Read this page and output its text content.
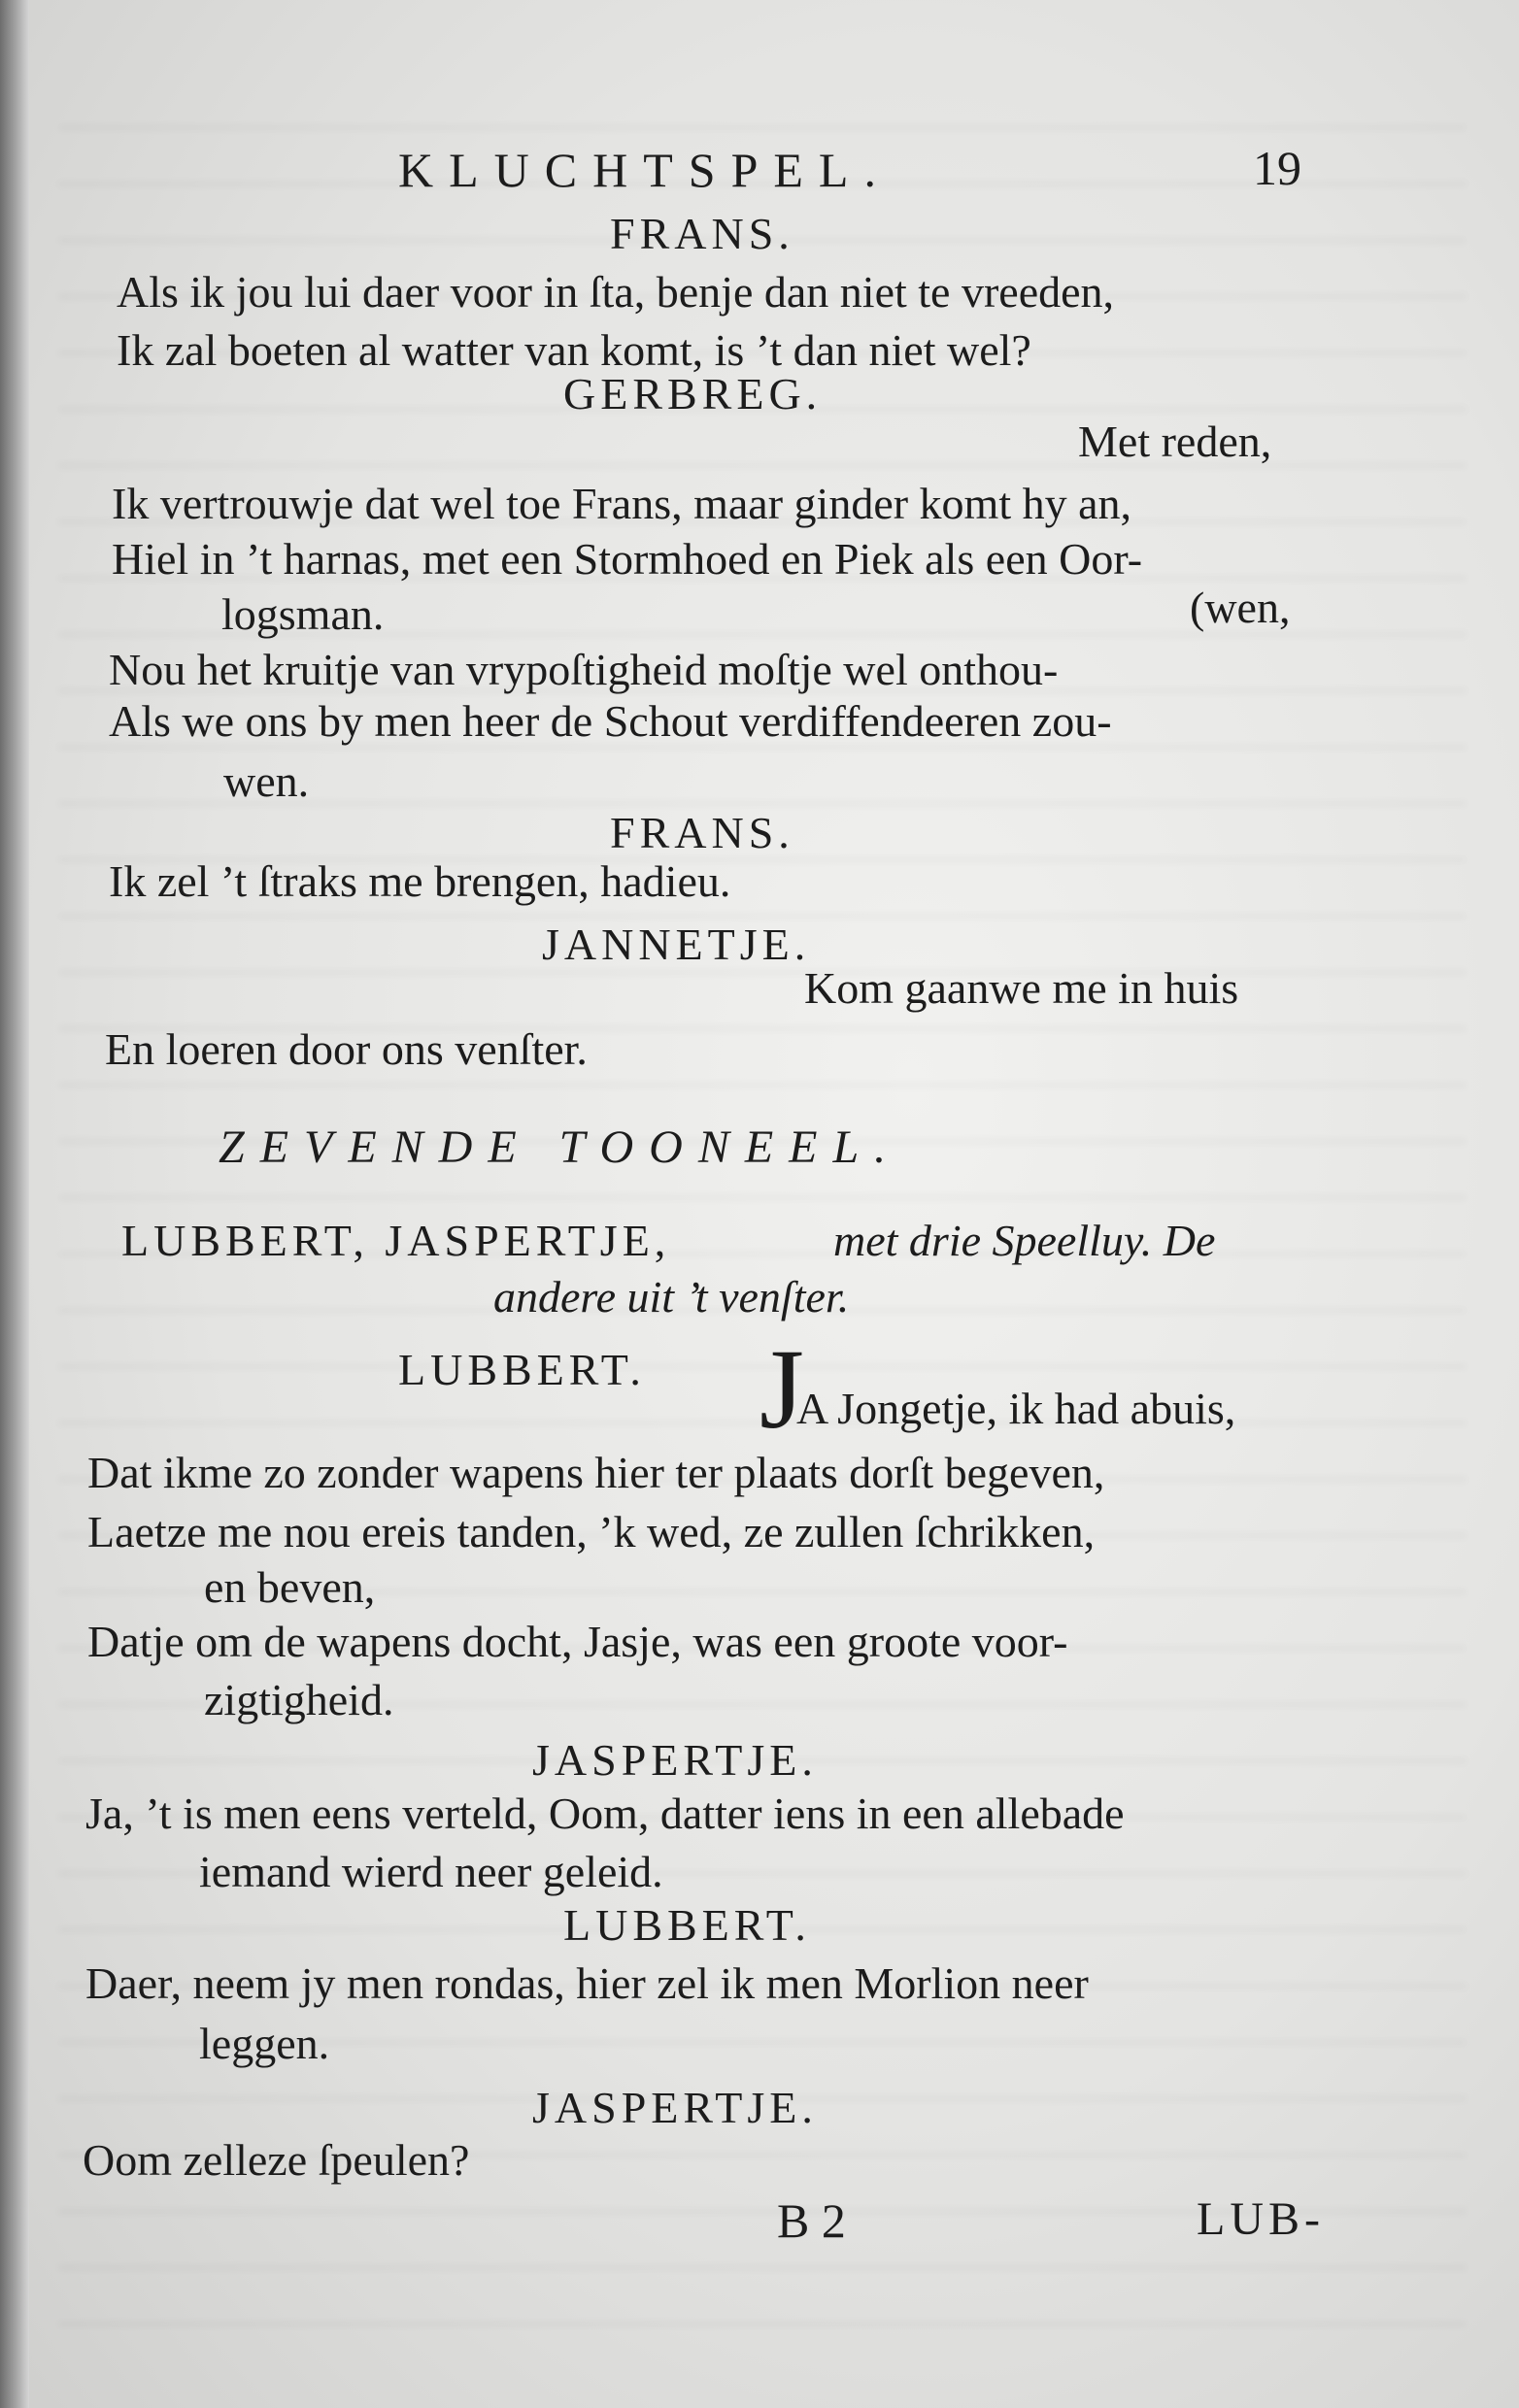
KLUCHTSPEL.	19
FRANS.
Als ik jou lui daer voor in ſta, benje dan niet te vreeden,
Ik zal boeten al watter van komt, is ’t dan niet wel?
GERBREG.
Met reden,
Ik vertrouwje dat wel toe Frans, maar ginder komt hy an,
Hiel in ’t harnas, met een Stormhoed en Piek als een Oor-
logsman.	(wen,
Nou het kruitje van vrypoſtigheid moſtje wel onthou-
Als we ons by men heer de Schout verdiffendeeren zou-
wen.
FRANS.
Ik zel ’t ſtraks me brengen, hadieu.
JANNETJE.
Kom gaanwe me in huis
En loeren door ons venſter.
ZEVENDE TOONEEL.
LUBBERT, JASPERTJE,	met drie Speelluy. De
andere uit ’t venſter.
LUBBERT. J
A Jongetje, ik had abuis,
Dat ikme zo zonder wapens hier ter plaats dorſt begeven,
Laetze me nou ereis tanden, ’k wed, ze zullen ſchrikken,
en beven,
Datje om de wapens docht, Jasje, was een groote voor-
zigtigheid.
JASPERTJE.
Ja, ’t is men eens verteld, Oom, datter iens in een allebade
iemand wierd neer geleid.
LUBBERT.
Daer, neem jy men rondas, hier zel ik men Morlion neer
leggen.
JASPERTJE.
Oom zelleze ſpeulen?
B 2	LUB-
